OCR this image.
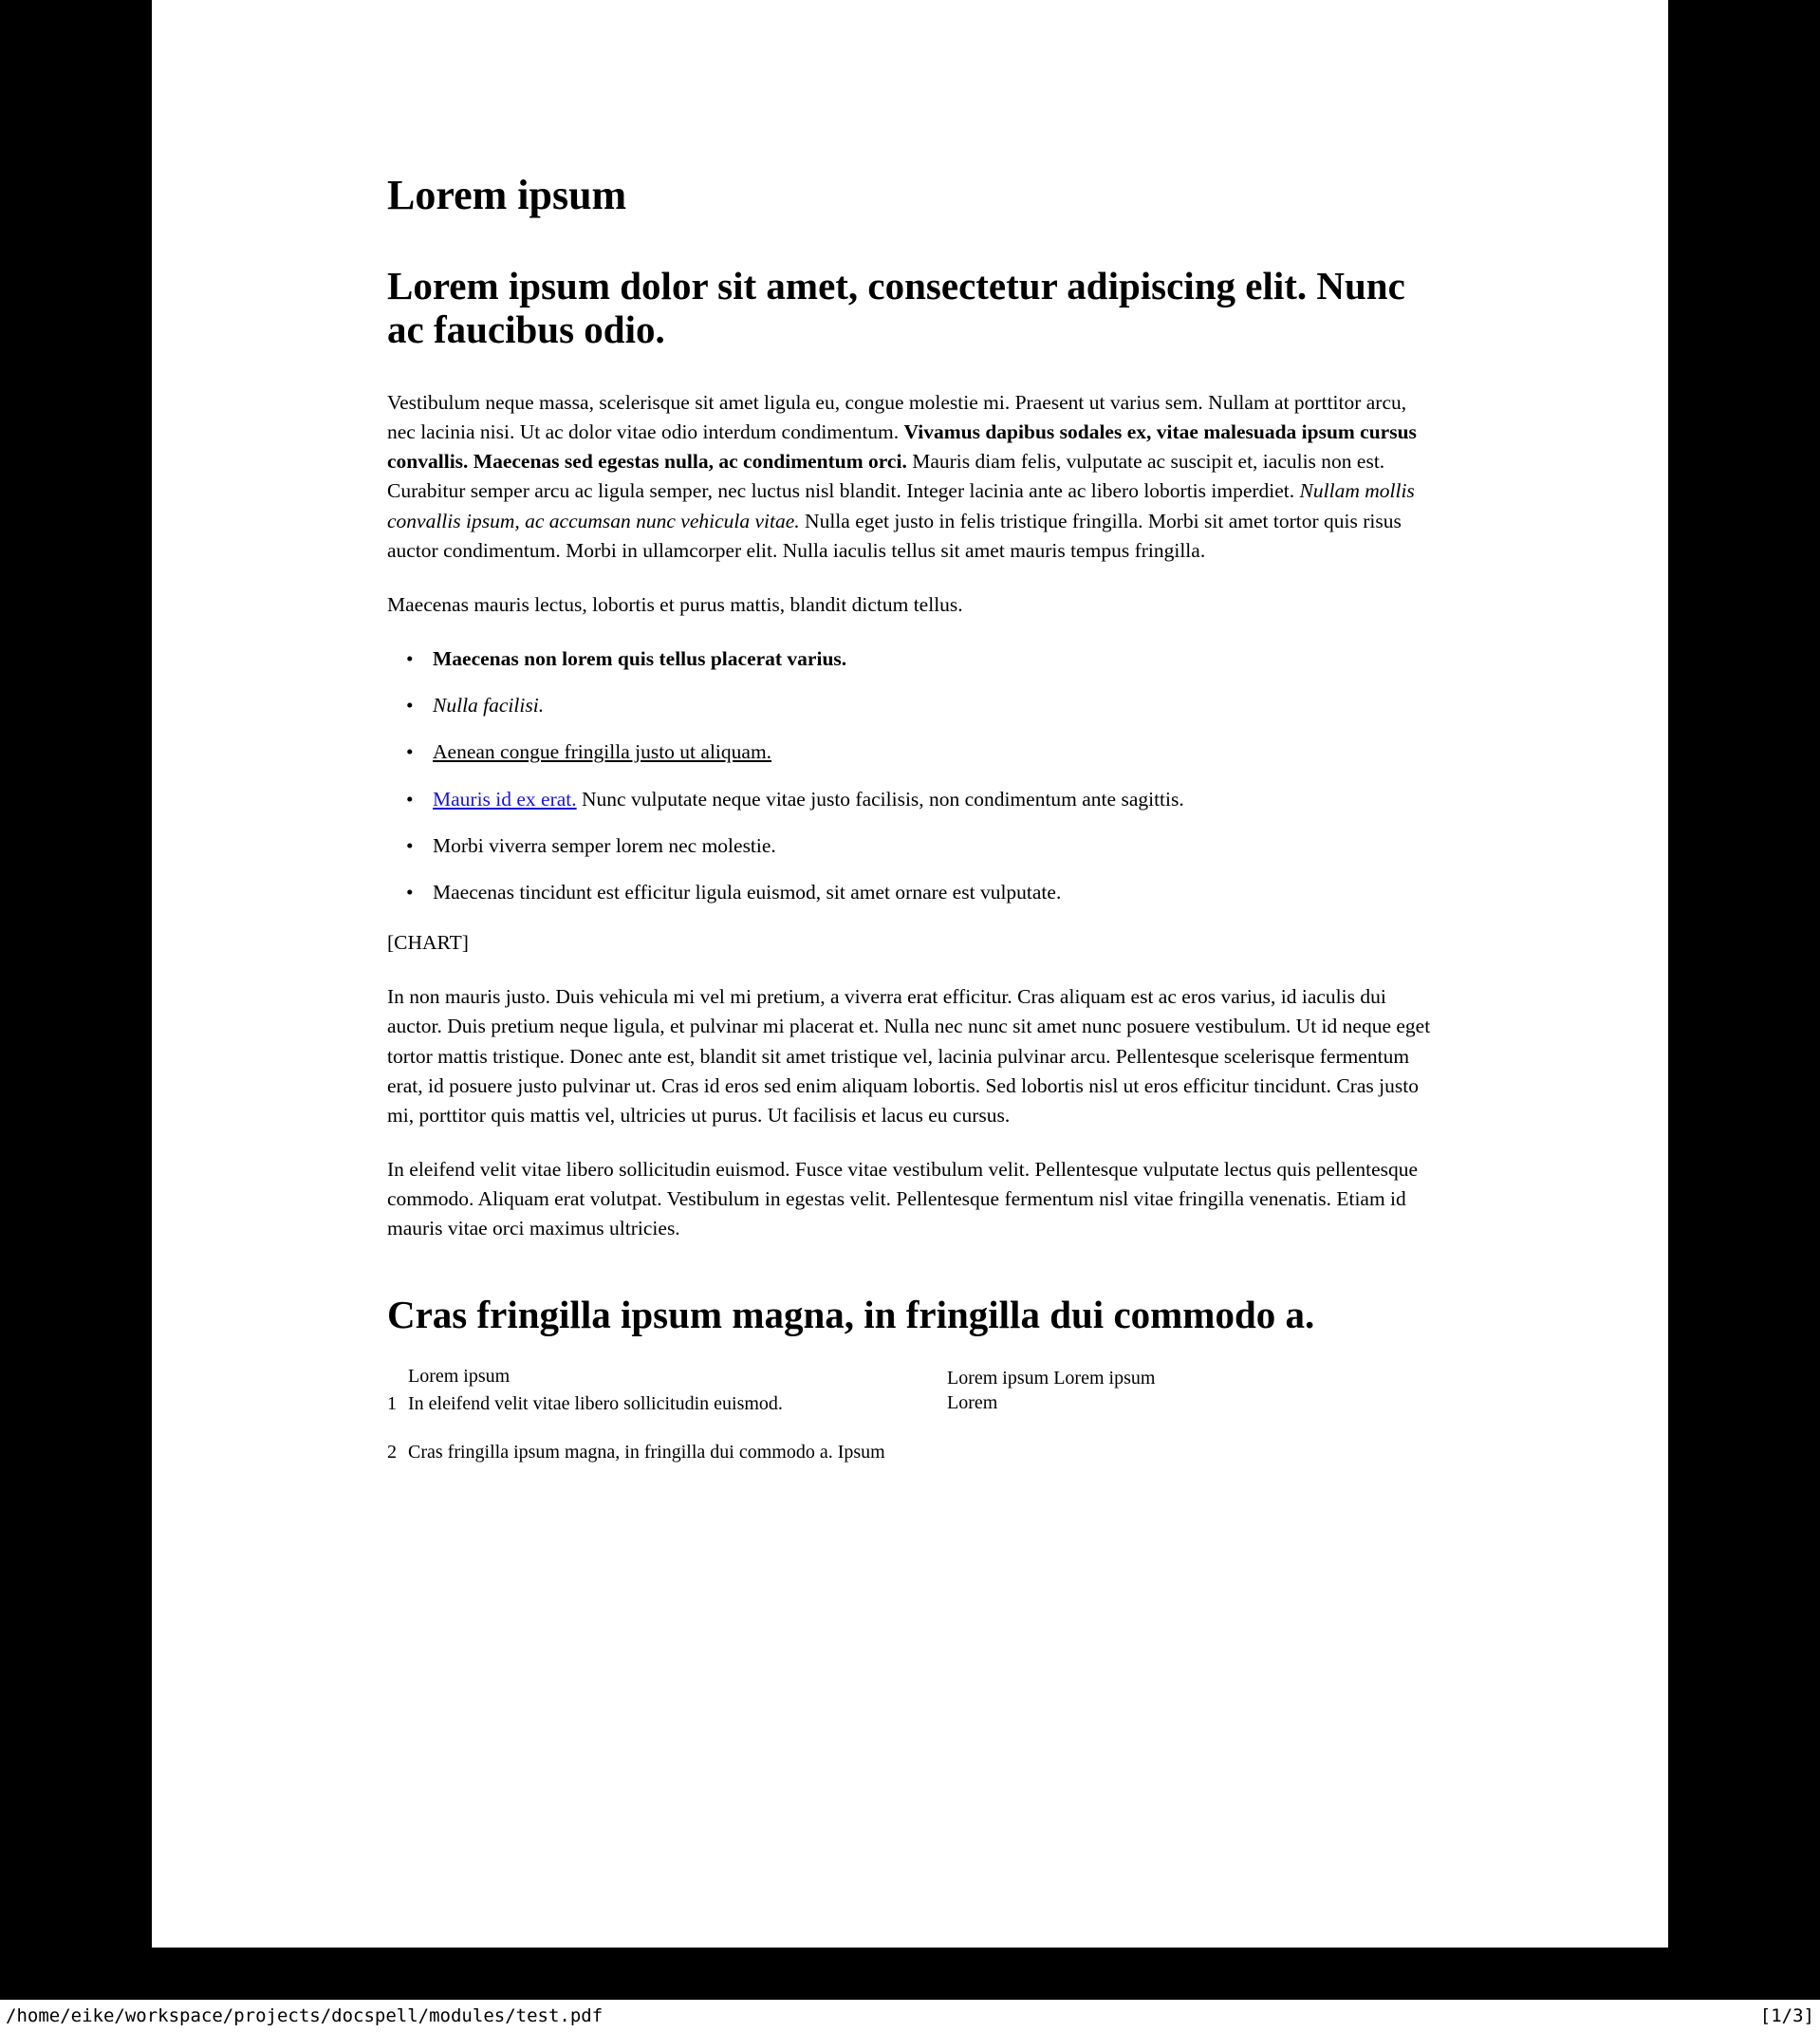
Lorem ipsum
Lorem ipsum dolor sit amet, consectetur adipiscing elit. Nunc ac faucibus odio.

Vestibulum neque massa, scelerisque sit amet ligula eu, congue molestie mi. Praesent ut varius sem. Nullam at porttitor arcu, nec lacinia nisi. Ut ac dolor vitae odio interdum condimentum. Vivamus dapibus sodales ex, vitae malesuada ipsum cursus convallis. Maecenas sed egestas nulla, ac condimentum orci. Mauris diam felis, vulputate ac suscipit et, iaculis non est. Curabitur semper arcu ac ligula semper, nec luctus nisl blandit. Integer lacinia ante ac libero lobortis imperdiet. Nullam mollis convallis ipsum, ac accumsan nunc vehicula vitae. Nulla eget justo in felis tristique fringilla. Morbi sit amet tortor quis risus auctor condimentum. Morbi in ullamcorper elit. Nulla iaculis tellus sit amet mauris tempus fringilla.

Maecenas mauris lectus, lobortis et purus mattis, blandit dictum tellus.

• Maecenas non lorem quis tellus placerat varius.
• Nulla facilisi.
• Aenean congue fringilla justo ut aliquam.
• Mauris id ex erat. Nunc vulputate neque vitae justo facilisis, non condimentum ante sagittis.
• Morbi viverra semper lorem nec molestie.
• Maecenas tincidunt est efficitur ligula euismod, sit amet ornare est vulputate.

[CHART]

In non mauris justo. Duis vehicula mi vel mi pretium, a viverra erat efficitur. Cras aliquam est ac eros varius, id iaculis dui auctor. Duis pretium neque ligula, et pulvinar mi placerat et. Nulla nec nunc sit amet nunc posuere vestibulum. Ut id neque eget tortor mattis tristique. Donec ante est, blandit sit amet tristique vel, lacinia pulvinar arcu. Pellentesque scelerisque fermentum erat, id posuere justo pulvinar ut. Cras id eros sed enim aliquam lobortis. Sed lobortis nisl ut eros efficitur tincidunt. Cras justo mi, porttitor quis mattis vel, ultricies ut purus. Ut facilisis et lacus eu cursus.

In eleifend velit vitae libero sollicitudin euismod. Fusce vitae vestibulum velit. Pellentesque vulputate lectus quis pellentesque commodo. Aliquam erat volutpat. Vestibulum in egestas velit. Pellentesque fermentum nisl vitae fringilla venenatis. Etiam id mauris vitae orci maximus ultricies.

Cras fringilla ipsum magna, in fringilla dui commodo a.
Lorem ipsum
1 In eleifend velit vitae libero sollicitudin euismod.
Lorem ipsum Lorem ipsum
Lorem
2 Cras fringilla ipsum magna, in fringilla dui commodo a. Ipsum
/home/eike/workspace/projects/docspell/modules/test.pdf	[1/3]
